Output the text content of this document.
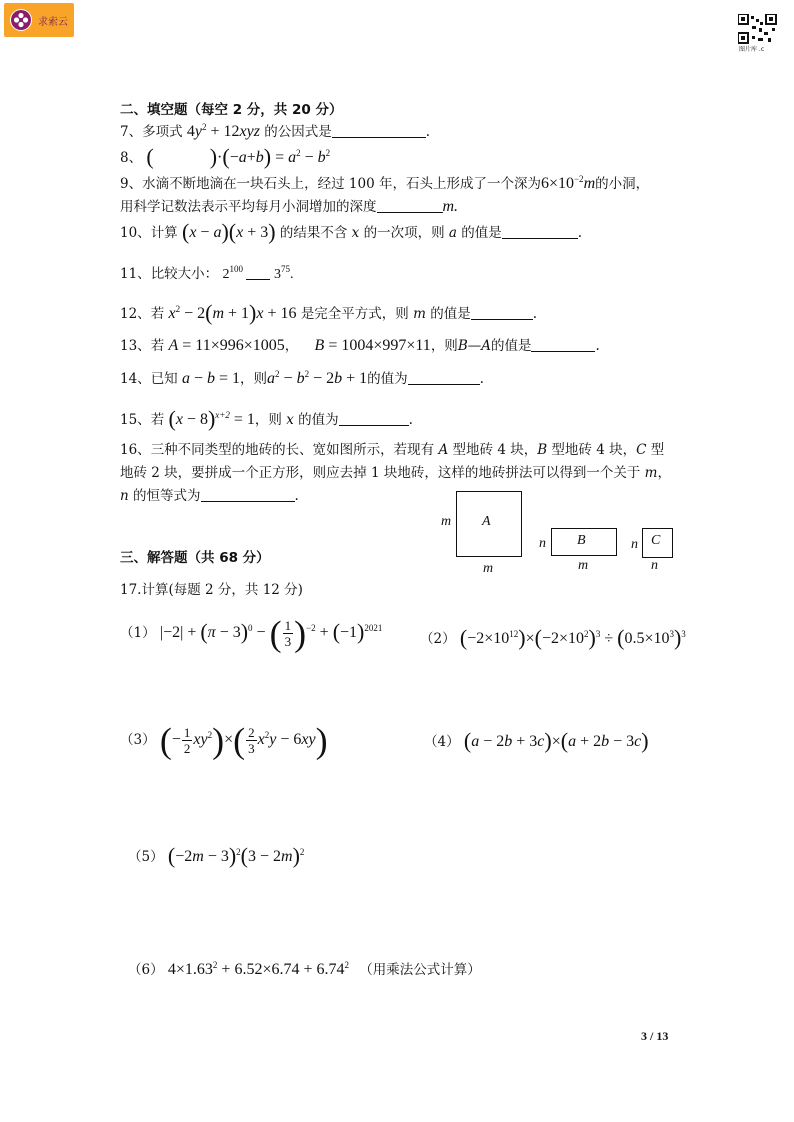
求索云
图片库 .c
二、填空题（每空 2 分，共 20 分）
7、多项式 $4y^2 + 12xyz$ 的公因式是	.
8、 (	)$\cdot(-a+b) = a^2 - b^2$
9、水滴不断地滴在一块石头上，经过 100 年，石头上形成了一个深为$6\times 10^{-2}m$的小洞，
用科学记数法表示平均每月小洞增加的深度	m.
10、计算 (x − a)(x + 3) 的结果不含 x 的一次项，则 a 的值是	.
11、比较大小： $2^{100}$  $3^{75}$.
12、若 $x^2 - 2(m + 1)x + 16$ 是完全平方式，则 m 的值是	.
13、若 A = 11×996×1005， B = 1004×997×11，则B—A的值是	.
14、已知 a − b = 1，则$a^2 - b^2 - 2b + 1$的值为	.
15、若 $(x - 8)^{x+2} = 1$，则 x 的值为	.
16、三种不同类型的地砖的长、宽如图所示，若现有 A 型地砖 4 块，B 型地砖 4 块，C 型
地砖 2 块，要拼成一个正方形，则应去掉 1 块地砖，这样的地砖拼法可以得到一个关于 m，
n 的恒等式为	.
A
m
m
B
n
m
C
n
n
三、解答题（共 68 分）
17.计算(每题 2 分，共 12 分)
（1） $|-2| + (\pi - 3)^0$ − ( $\frac{1}{3} )^{-2} + (-1)^{2021}$
（2） $(-2\times 10^{12})\times(-2\times 10^2)^3 \div (0.5\times 10^3)^3$
（3） (− $\frac{1}{2} xy^2)\times( \frac{2}{3} x^2y - 6xy)$	（4） (a − 2b + 3c)×(a + 2b − 3c)
（5） $(-2m - 3)^2(3 - 2m)^2$
（6） $4\times 1.63^2 + 6.52\times 6.74 + 6.74^2$ （用乘法公式计算）
3 / 13
